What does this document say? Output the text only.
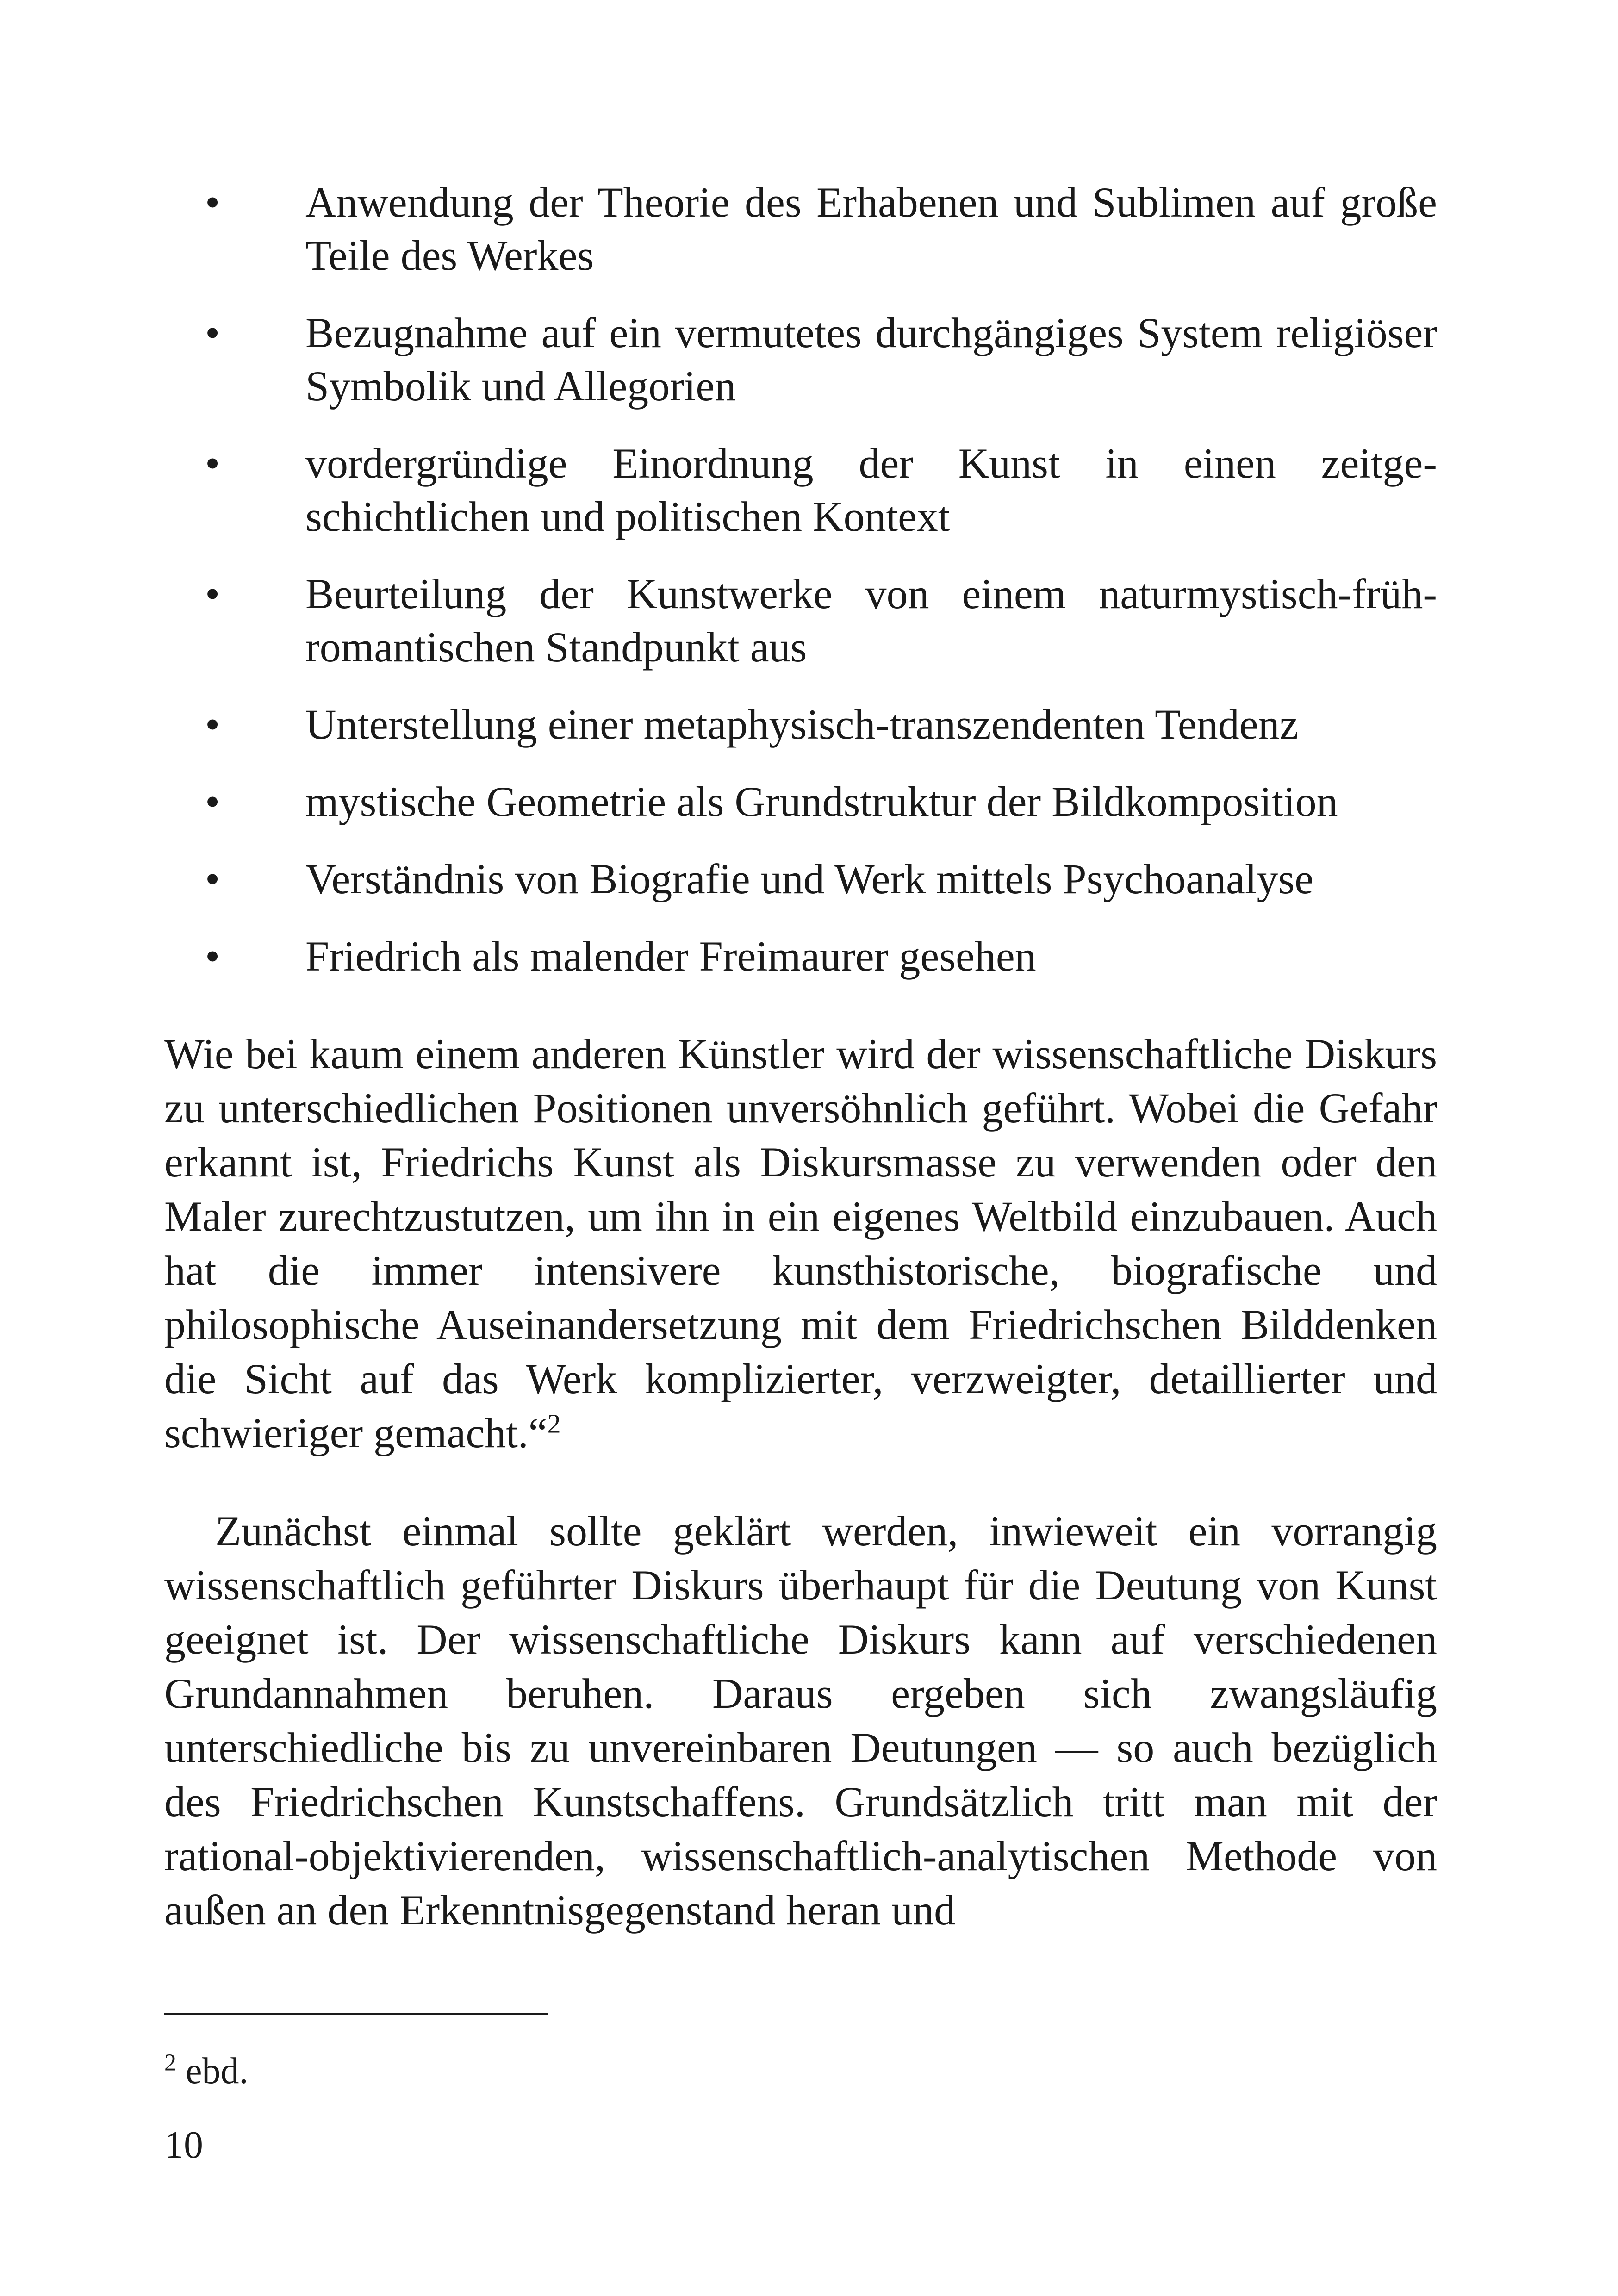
• Anwendung der Theorie des Erhabenen und Sublimen auf große Teile des Werkes
• Bezugnahme auf ein vermutetes durchgängiges System religiöser Symbolik und Allegorien
• vordergründige Einordnung der Kunst in einen zeitgeschichtlichen und politischen Kontext
• Beurteilung der Kunstwerke von einem naturmystisch-frühromantischen Standpunkt aus
• Unterstellung einer metaphysisch-transzendenten Tendenz
• mystische Geometrie als Grundstruktur der Bildkomposition
• Verständnis von Biografie und Werk mittels Psychoanalyse
• Friedrich als malender Freimaurer gesehen

Wie bei kaum einem anderen Künstler wird der wissenschaftliche Diskurs zu unterschiedlichen Positionen unversöhnlich geführt. Wobei die Gefahr erkannt ist, Friedrichs Kunst als Diskursmasse zu verwenden oder den Maler zurechtzustutzen, um ihn in ein eigenes Weltbild einzubauen. Auch hat die immer intensivere kunsthistorische, biografische und philosophische Auseinandersetzung mit dem Friedrichschen Bilddenken die Sicht auf das Werk komplizierter, verzweigter, detaillierter und schwieriger gemacht.“$^2$

Zunächst einmal sollte geklärt werden, inwieweit ein vorrangig wissenschaftlich geführter Diskurs überhaupt für die Deutung von Kunst geeignet ist. Der wissenschaftliche Diskurs kann auf verschiedenen Grundannahmen beruhen. Daraus ergeben sich zwangsläufig unterschiedliche bis zu unvereinbaren Deutungen — so auch bezüglich des Friedrichschen Kunstschaffens. Grundsätzlich tritt man mit der rational-objektivierenden, wissenschaftlich-analytischen Methode von außen an den Erkenntnisgegenstand heran und

$^2$ ebd.
10
